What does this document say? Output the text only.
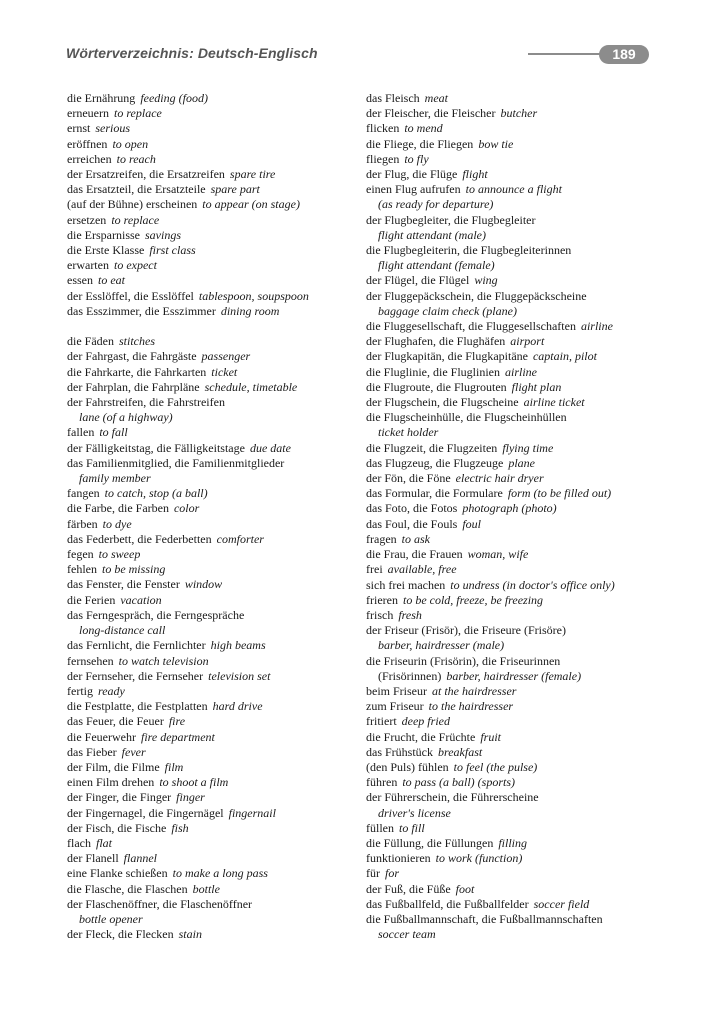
Wörterverzeichnis: Deutsch-Englisch	189
die Ernährung feeding (food)
erneuern to replace
ernst serious
eröffnen to open
erreichen to reach
der Ersatzreifen, die Ersatzreifen spare tire
das Ersatzteil, die Ersatzteile spare part
(auf der Bühne) erscheinen to appear (on stage)
ersetzen to replace
die Ersparnisse savings
die Erste Klasse first class
erwarten to expect
essen to eat
der Esslöffel, die Esslöffel tablespoon, soupspoon
das Esszimmer, die Esszimmer dining room
die Fäden stitches
der Fahrgast, die Fahrgäste passenger
die Fahrkarte, die Fahrkarten ticket
der Fahrplan, die Fahrpläne schedule, timetable
der Fahrstreifen, die Fahrstreifen
lane (of a highway)
fallen to fall
der Fälligkeitstag, die Fälligkeitstage due date
das Familienmitglied, die Familienmitglieder
family member
fangen to catch, stop (a ball)
die Farbe, die Farben color
färben to dye
das Federbett, die Federbetten comforter
fegen to sweep
fehlen to be missing
das Fenster, die Fenster window
die Ferien vacation
das Ferngespräch, die Ferngespräche
long-distance call
das Fernlicht, die Fernlichter high beams
fernsehen to watch television
der Fernseher, die Fernseher television set
fertig ready
die Festplatte, die Festplatten hard drive
das Feuer, die Feuer fire
die Feuerwehr fire department
das Fieber fever
der Film, die Filme film
einen Film drehen to shoot a film
der Finger, die Finger finger
der Fingernagel, die Fingernägel fingernail
der Fisch, die Fische fish
flach flat
der Flanell flannel
eine Flanke schießen to make a long pass
die Flasche, die Flaschen bottle
der Flaschenöffner, die Flaschenöffner
bottle opener
der Fleck, die Flecken stain
das Fleisch meat
der Fleischer, die Fleischer butcher
flicken to mend
die Fliege, die Fliegen bow tie
fliegen to fly
der Flug, die Flüge flight
einen Flug aufrufen to announce a flight
(as ready for departure)
der Flugbegleiter, die Flugbegleiter
flight attendant (male)
die Flugbegleiterin, die Flugbegleiterinnen
flight attendant (female)
der Flügel, die Flügel wing
der Fluggepäckschein, die Fluggepäckscheine
baggage claim check (plane)
die Fluggesellschaft, die Fluggesellschaften airline
der Flughafen, die Flughäfen airport
der Flugkapitän, die Flugkapitäne captain, pilot
die Fluglinie, die Fluglinien airline
die Flugroute, die Flugrouten flight plan
der Flugschein, die Flugscheine airline ticket
die Flugscheinhülle, die Flugscheinhüllen
ticket holder
die Flugzeit, die Flugzeiten flying time
das Flugzeug, die Flugzeuge plane
der Fön, die Föne electric hair dryer
das Formular, die Formulare form (to be filled out)
das Foto, die Fotos photograph (photo)
das Foul, die Fouls foul
fragen to ask
die Frau, die Frauen woman, wife
frei available, free
sich frei machen to undress (in doctor's office only)
frieren to be cold, freeze, be freezing
frisch fresh
der Friseur (Frisör), die Friseure (Frisöre)
barber, hairdresser (male)
die Friseurin (Frisörin), die Friseurinnen
(Frisörinnen) barber, hairdresser (female)
beim Friseur at the hairdresser
zum Friseur to the hairdresser
fritiert deep fried
die Frucht, die Früchte fruit
das Frühstück breakfast
(den Puls) fühlen to feel (the pulse)
führen to pass (a ball) (sports)
der Führerschein, die Führerscheine
driver's license
füllen to fill
die Füllung, die Füllungen filling
funktionieren to work (function)
für for
der Fuß, die Füße foot
das Fußballfeld, die Fußballfelder soccer field
die Fußballmannschaft, die Fußballmannschaften
soccer team
